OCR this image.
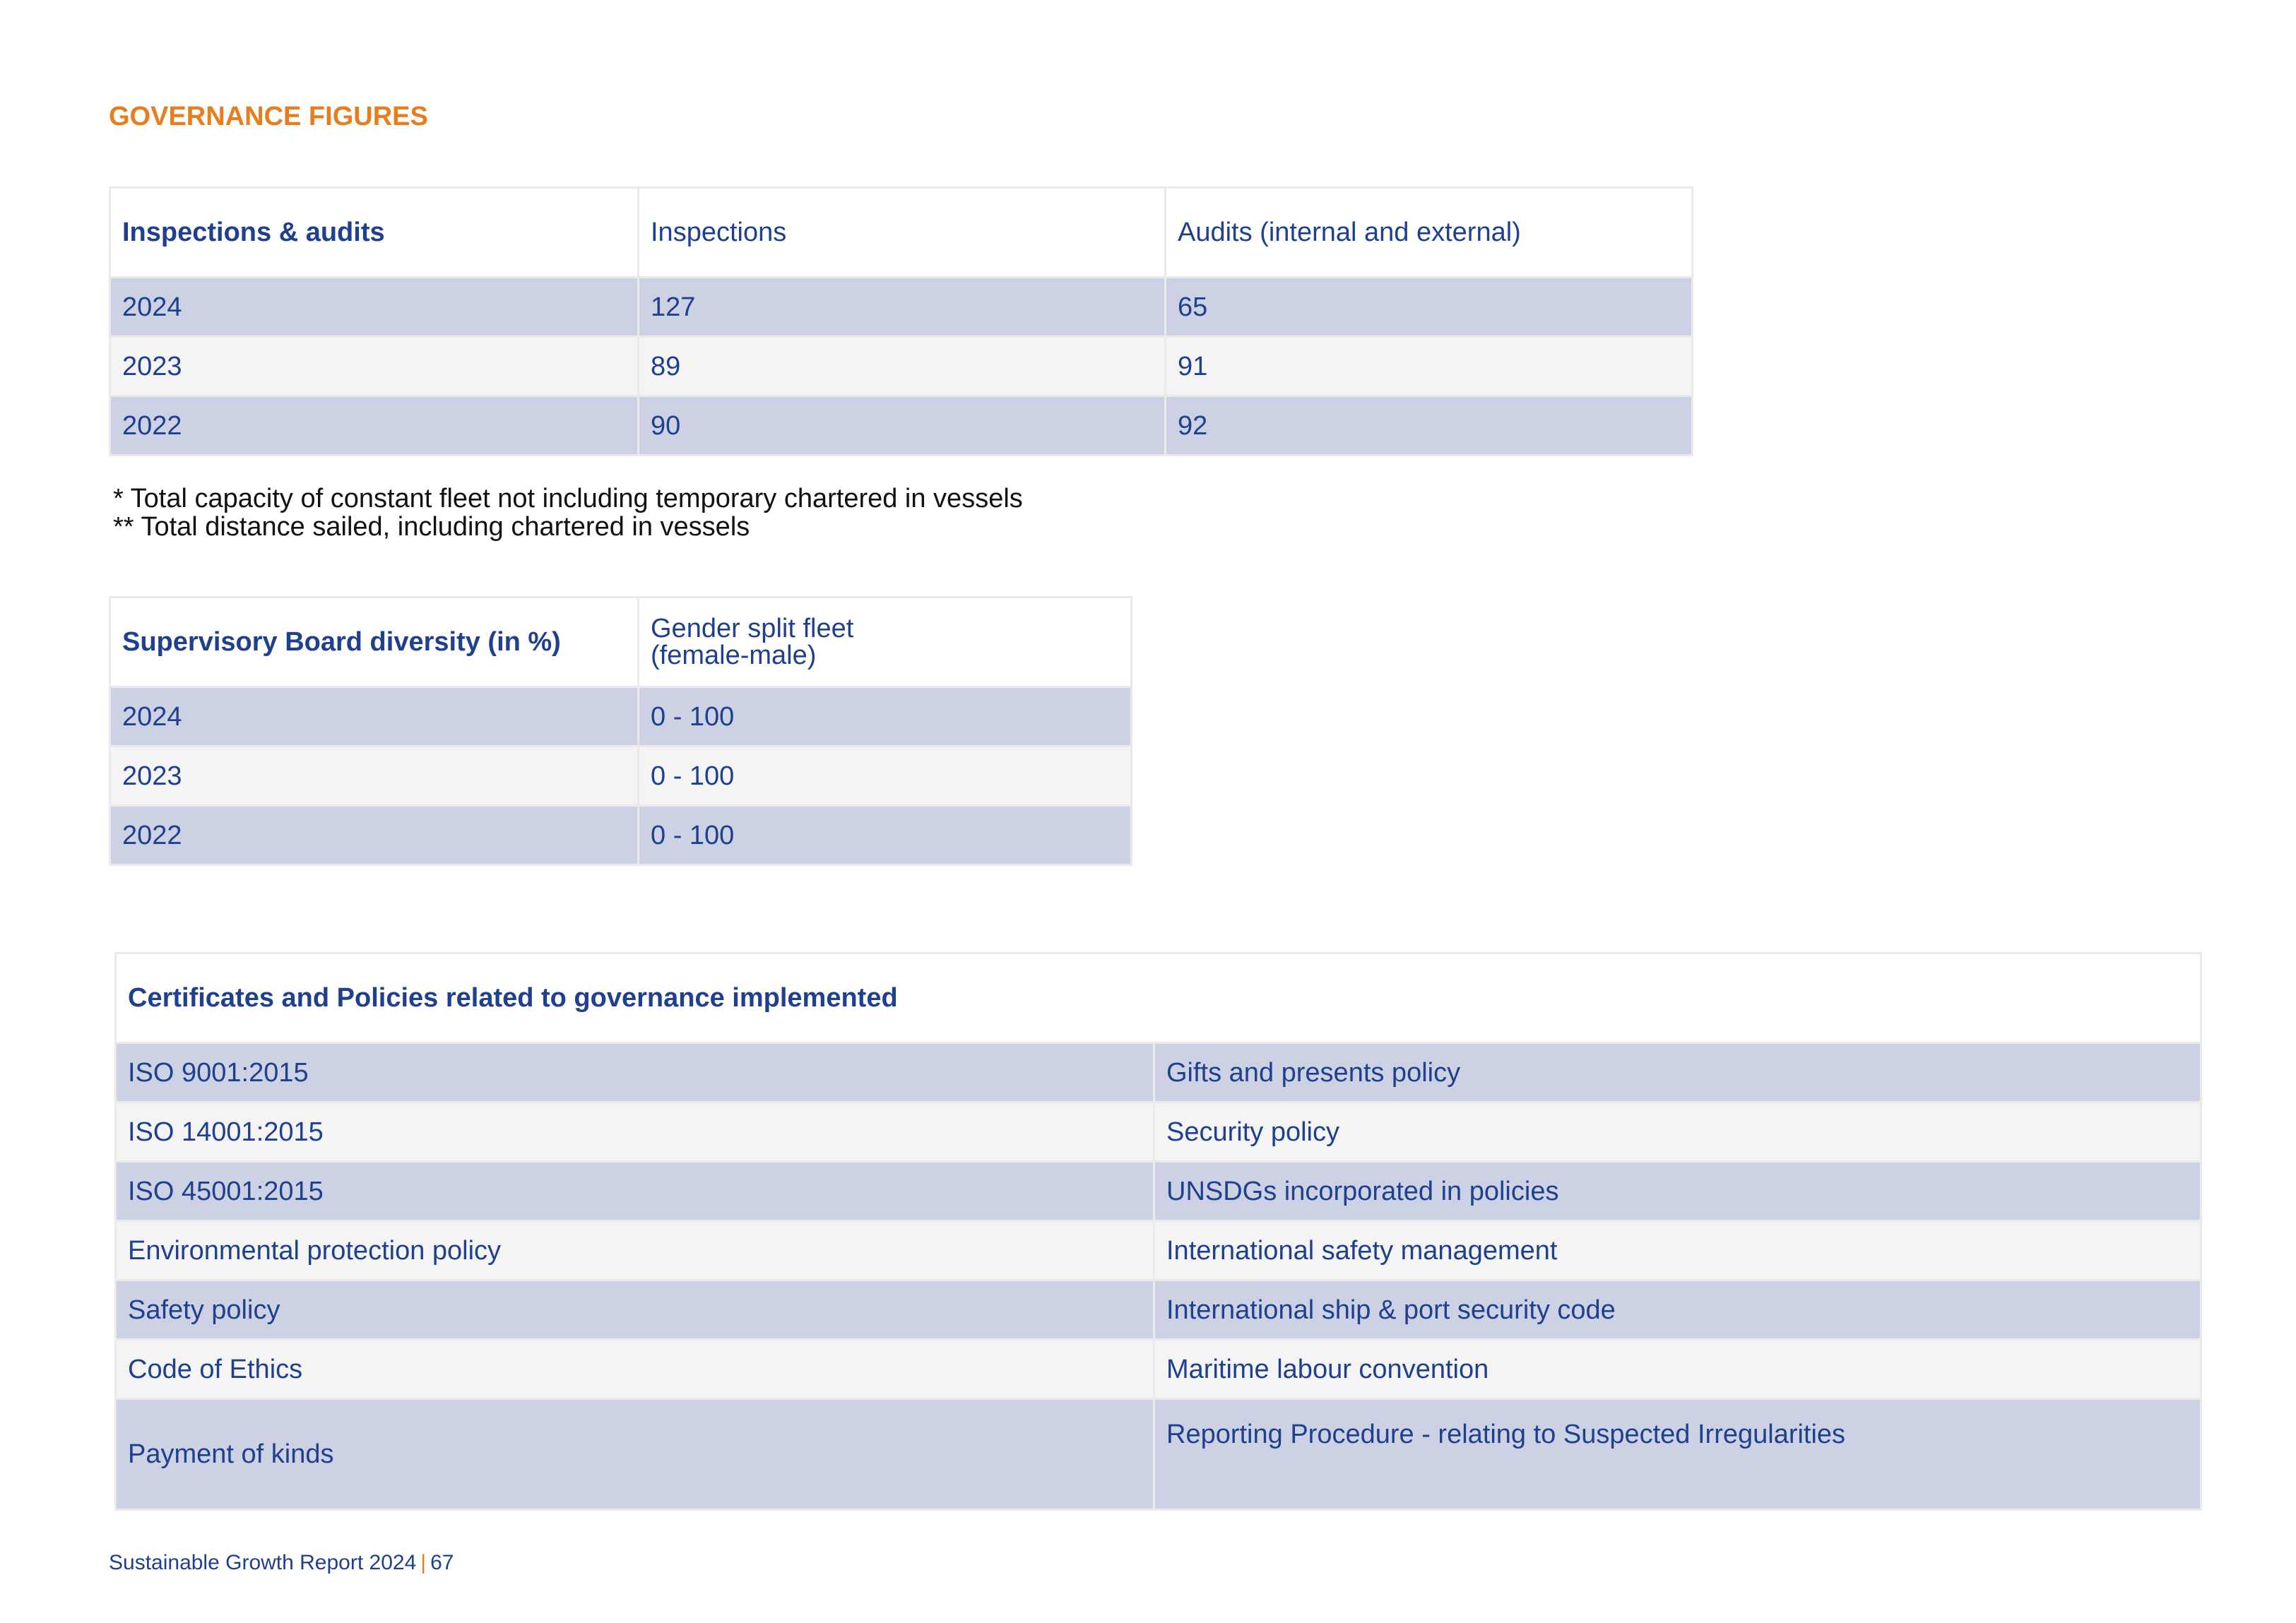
GOVERNANCE FIGURES
Inspections & audits	Inspections	Audits (internal and external)
2024	127	65
2023	89	91
2022	90	92
* Total capacity of constant fleet not including temporary chartered in vessels
** Total distance sailed, including chartered in vessels
Supervisory Board diversity (in %)	Gender split fleet
(female-male)

2024	0 - 100
2023	0 - 100
2022	0 - 100
Certificates and Policies related to governance implemented	
ISO 9001:2015	Gifts and presents policy
ISO 14001:2015	Security policy
ISO 45001:2015	UNSDGs incorporated in policies
Environmental protection policy	International safety management
Safety policy	International ship & port security code
Code of Ethics	Maritime labour convention
Payment of kinds	Reporting Procedure - relating to Suspected Irregularities
Sustainable Growth Report 2024 | 67
